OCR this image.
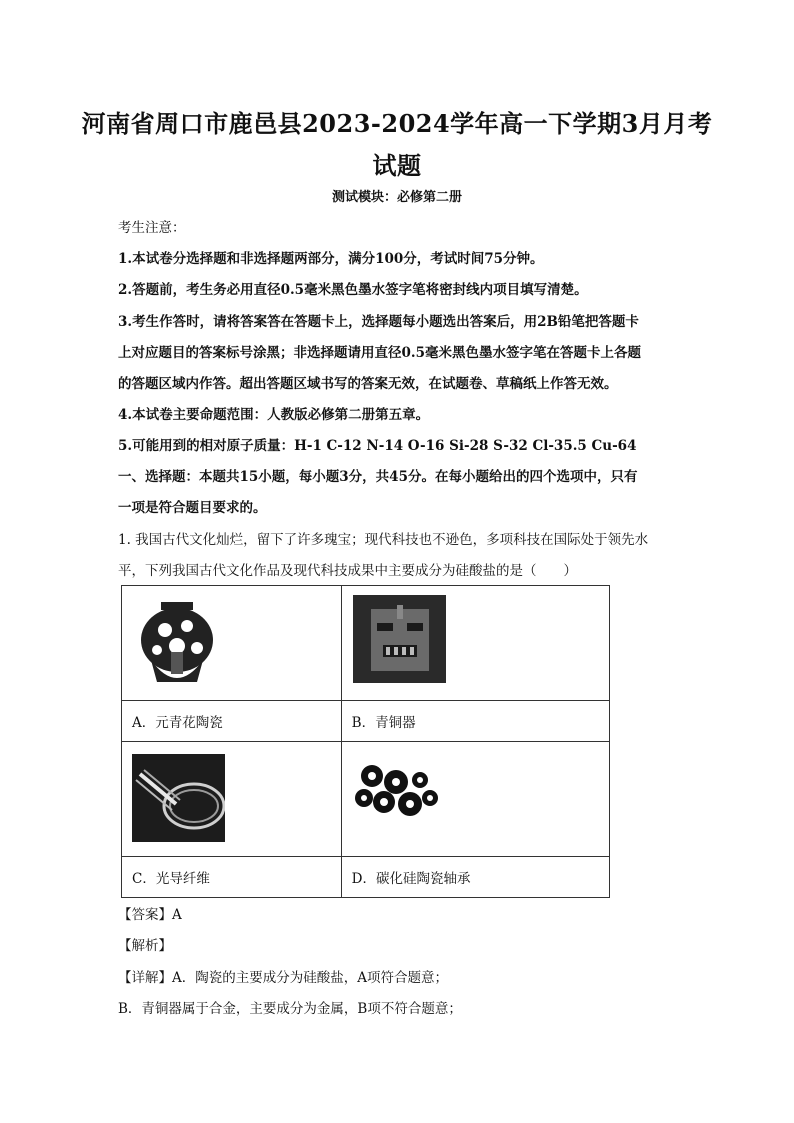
河南省周口市鹿邑县2023-2024学年高一下学期3月月考
试题
测试模块：必修第二册
考生注意：
1.本试卷分选择题和非选择题两部分，满分100分，考试时间75分钟。
2.答题前，考生务必用直径0.5毫米黑色墨水签字笔将密封线内项目填写清楚。
3.考生作答时，请将答案答在答题卡上，选择题每小题选出答案后，用2B铅笔把答题卡
上对应题目的答案标号涂黑；非选择题请用直径0.5毫米黑色墨水签字笔在答题卡上各题
的答题区域内作答。超出答题区域书写的答案无效，在试题卷、草稿纸上作答无效。
4.本试卷主要命题范围：人教版必修第二册第五章。
5.可能用到的相对原子质量：H-1 C-12 N-14 O-16 Si-28 S-32 Cl-35.5 Cu-64
一、选择题：本题共15小题，每小题3分，共45分。在每小题给出的四个选项中，只有
一项是符合题目要求的。
1. 我国古代文化灿烂，留下了许多瑰宝；现代科技也不逊色，多项科技在国际处于领先水
平，下列我国古代文化作品及现代科技成果中主要成分为硅酸盐的是（　　）

A．元青花陶瓷	B．青铜器

C．光导纤维	D．碳化硅陶瓷轴承
【答案】A
【解析】
【详解】A．陶瓷的主要成分为硅酸盐，A项符合题意；
B．青铜器属于合金，主要成分为金属，B项不符合题意；
